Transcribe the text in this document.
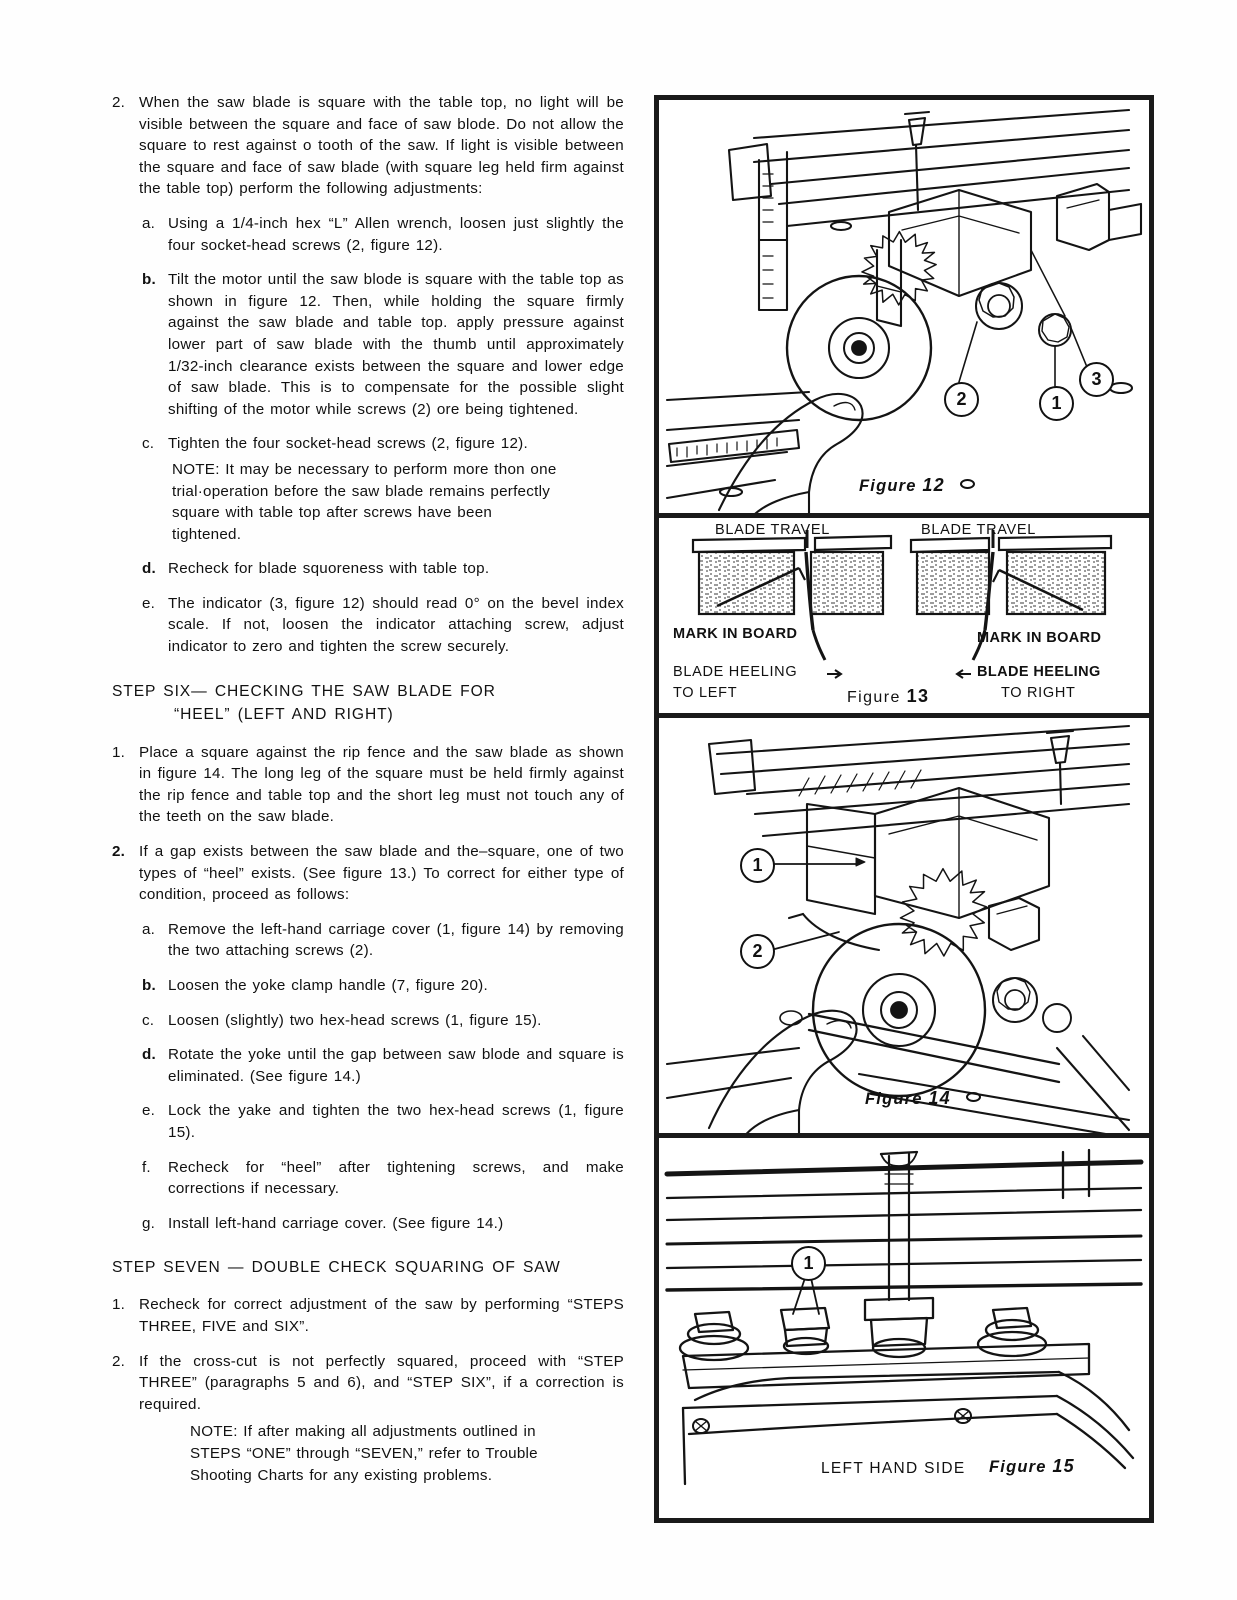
2. When the saw blade is square with the table top, no light will be visible between the square and face of saw blode. Do not allow the square to rest against o tooth of the saw. If light is visible between the square and face of saw blade (with square leg held firm against the table top) perform the following adjustments:
a. Using a 1/4-inch hex “L” Allen wrench, loosen just slightly the four socket-head screws (2, figure 12).
b. Tilt the motor until the saw blode is square with the table top as shown in figure 12. Then, while holding the square firmly against the saw blade and table top. apply pressure against lower part of saw blade with the thumb until approximately 1/32-inch clearance exists between the square and lower edge of saw blade. This is to compensate for the possible slight shifting of the motor while screws (2) ore being tightened.
c. Tighten the four socket-head screws (2, figure 12).
NOTE: It may be necessary to perform more thon one trial·operation before the saw blade remains perfectly square with table top after screws have been tightened.
d. Recheck for blade squoreness with table top.
e. The indicator (3, figure 12) should read 0° on the bevel index scale. If not, loosen the indicator attaching screw, adjust indicator to zero and tighten the screw securely.
STEP SIX— CHECKING THE SAW BLADE FOR
“HEEL” (LEFT AND RIGHT)
1. Place a square against the rip fence and the saw blade as shown in figure 14. The long leg of the square must be held firmly against the rip fence and table top and the short leg must not touch any of the teeth on the saw blade.
2. If a gap exists between the saw blade and the–square, one of two types of “heel” exists. (See figure 13.) To correct for either type of condition, proceed as follows:
a. Remove the left-hand carriage cover (1, figure 14) by removing the two attaching screws (2).
b. Loosen the yoke clamp handle (7, figure 20).
c. Loosen (slightly) two hex-head screws (1, figure 15).
d. Rotate the yoke until the gap between saw blode and square is eliminated. (See figure 14.)
e. Lock the yake and tighten the two hex-head screws (1, figure 15).
f.	Recheck for “heel” after tightening screws, and make corrections if necessary.
g. Install left-hand carriage cover. (See figure 14.)
STEP SEVEN — DOUBLE CHECK SQUARING OF SAW
1. Recheck for correct adjustment of the saw by performing “STEPS THREE, FIVE and SIX”.
2. If the cross-cut is not perfectly squared, proceed with “STEP THREE” (paragraphs 5 and 6), and “STEP SIX”, if a correction is required.
NOTE: If after making all adjustments outlined in STEPS “ONE” through “SEVEN,” refer to Trouble Shooting Charts for any existing problems.
1
2
3
Figure 12
BLADE TRAVEL	BLADE TRAVEL
MARK IN BOARD	MARK IN BOARD
BLADE HEELING
TO LEFT
BLADE HEELING
TO RIGHT
Figure 13
1
2
Figure 14
1
LEFT HAND SIDE Figure 15
